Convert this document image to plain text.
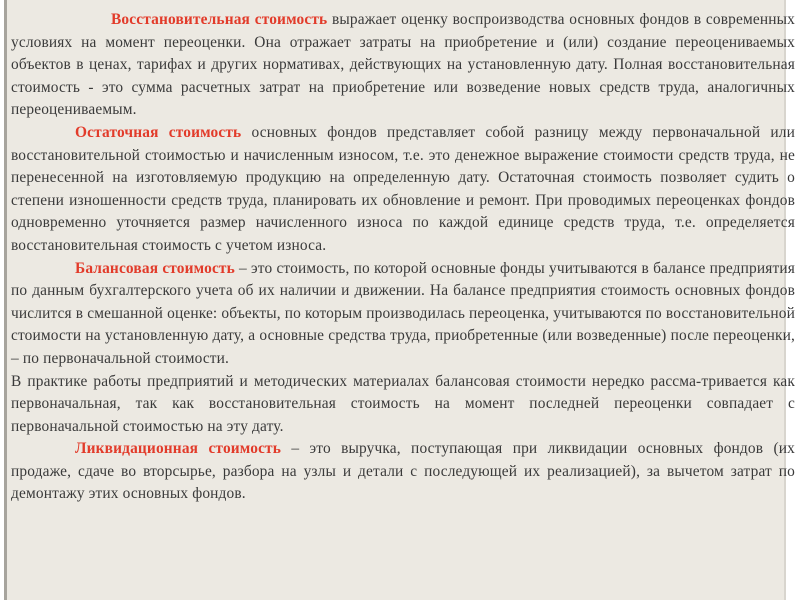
Восстановительная стоимость выражает оценку воспроизводства основных фондов в современных условиях на момент переоценки. Она отражает затраты на приобретение и (или) создание переоцениваемых объектов в ценах, тарифах и других нормативах, действующих на установленную дату. Полная восстановительная стоимость - это сумма расчетных затрат на приобретение или возведение новых средств труда, аналогичных переоцениваемым.

Остаточная стоимость основных фондов представляет собой разницу между первоначальной или восстановительной стоимостью и начисленным износом, т.е. это денежное выражение стоимости средств труда, не перенесенной на изготовляемую продукцию на определенную дату. Остаточная стоимость позволяет судить о степени изношенности средств труда, планировать их обновление и ремонт. При проводимых переоценках фондов одновременно уточняется размер начисленного износа по каждой единице средств труда, т.е. определяется восстановительная стоимость с учетом износа.

Балансовая стоимость – это стоимость, по которой основные фонды учитываются в балансе предприятия по данным бухгалтерского учета об их наличии и движении. На балансе предприятия стоимость основных фондов числится в смешанной оценке: объекты, по которым производилась переоценка, учитываются по восстановительной стоимости на установленную дату, а основные средства труда, приобретенные (или возведенные) после переоценки, – по первоначальной стоимости.

В практике работы предприятий и методических материалах балансовая стоимости нередко рассма-тривается как первоначальная, так как восстановительная стоимость на момент последней переоценки совпадает с первоначальной стоимостью на эту дату.

Ликвидационная стоимость – это выручка, поступающая при ликвидации основных фондов (их продаже, сдаче во вторсырье, разбора на узлы и детали с последующей их реализацией), за вычетом затрат по демонтажу этих основных фондов.
